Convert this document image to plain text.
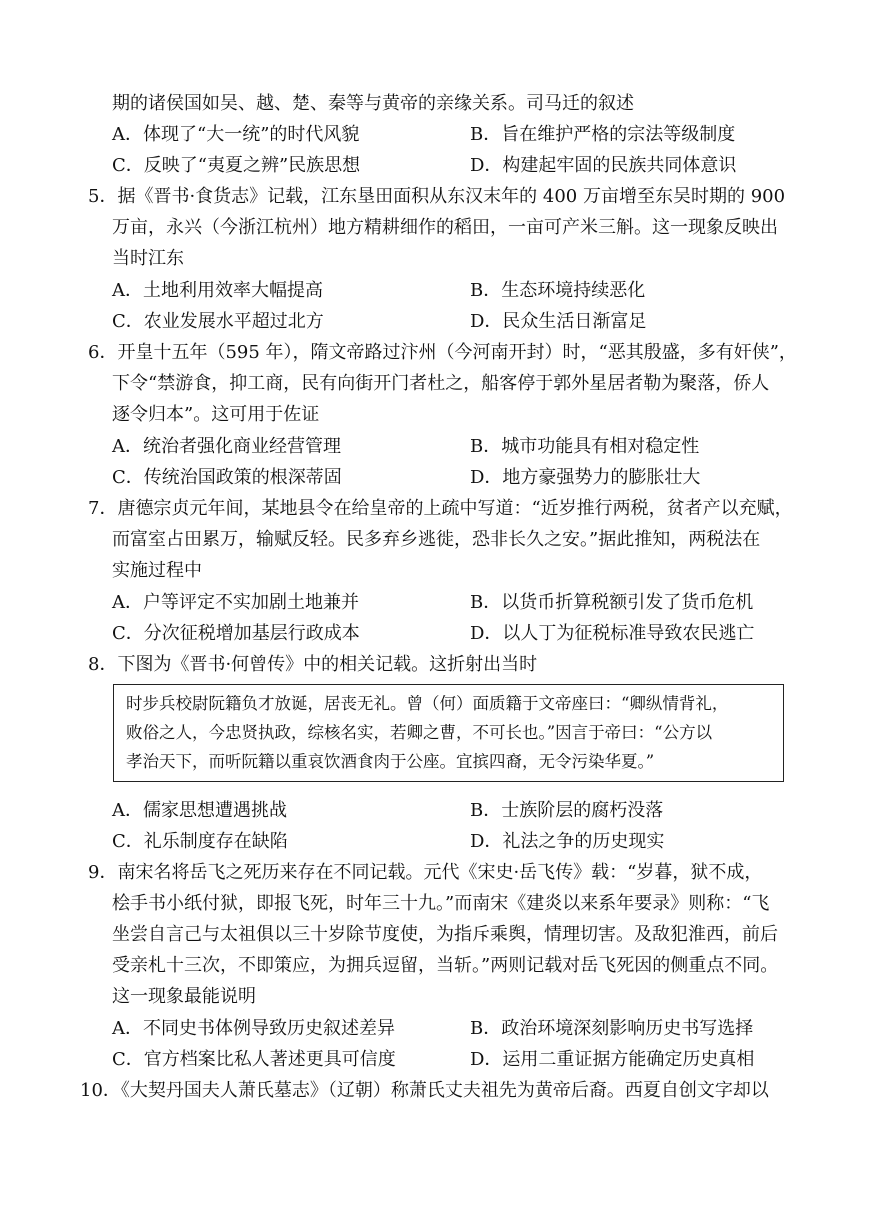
期的诸侯国如吴、越、楚、秦等与黄帝的亲缘关系。司马迁的叙述
A．体现了“大一统”的时代风貌	B．旨在维护严格的宗法等级制度
C．反映了“夷夏之辨”民族思想	D．构建起牢固的民族共同体意识
5．据《晋书·食货志》记载，江东垦田面积从东汉末年的 400 万亩增至东吴时期的 900
万亩，永兴（今浙江杭州）地方精耕细作的稻田，一亩可产米三斛。这一现象反映出
当时江东
A．土地利用效率大幅提高	B．生态环境持续恶化
C．农业发展水平超过北方	D．民众生活日渐富足
6．开皇十五年（595 年），隋文帝路过汴州（今河南开封）时，“恶其殷盛，多有奸侠”，
下令“禁游食，抑工商，民有向街开门者杜之，船客停于郭外星居者勒为聚落，侨人
逐令归本”。这可用于佐证
A．统治者强化商业经营管理	B．城市功能具有相对稳定性
C．传统治国政策的根深蒂固	D．地方豪强势力的膨胀壮大
7．唐德宗贞元年间，某地县令在给皇帝的上疏中写道：“近岁推行两税，贫者产以充赋，
而富室占田累万，输赋反轻。民多弃乡逃徙，恐非长久之安。”据此推知，两税法在
实施过程中
A．户等评定不实加剧土地兼并	B．以货币折算税额引发了货币危机
C．分次征税增加基层行政成本	D．以人丁为征税标准导致农民逃亡
8．下图为《晋书·何曾传》中的相关记载。这折射出当时
时步兵校尉阮籍负才放诞，居丧无礼。曾（何）面质籍于文帝座曰：“卿纵情背礼，
败俗之人，今忠贤执政，综核名实，若卿之曹，不可长也。”因言于帝曰：“公方以
孝治天下，而听阮籍以重哀饮酒食肉于公座。宜摈四裔，无令污染华夏。”
A．儒家思想遭遇挑战	B．士族阶层的腐朽没落
C．礼乐制度存在缺陷	D．礼法之争的历史现实
9．南宋名将岳飞之死历来存在不同记载。元代《宋史·岳飞传》载：“岁暮，狱不成，
桧手书小纸付狱，即报飞死，时年三十九。”而南宋《建炎以来系年要录》则称：“飞
坐尝自言己与太祖俱以三十岁除节度使，为指斥乘舆，情理切害。及敌犯淮西，前后
受亲札十三次，不即策应，为拥兵逗留，当斩。”两则记载对岳飞死因的侧重点不同。
这一现象最能说明
A．不同史书体例导致历史叙述差异	B．政治环境深刻影响历史书写选择
C．官方档案比私人著述更具可信度	D．运用二重证据方能确定历史真相
10．《大契丹国夫人萧氏墓志》（辽朝）称萧氏丈夫祖先为黄帝后裔。西夏自创文字却以
